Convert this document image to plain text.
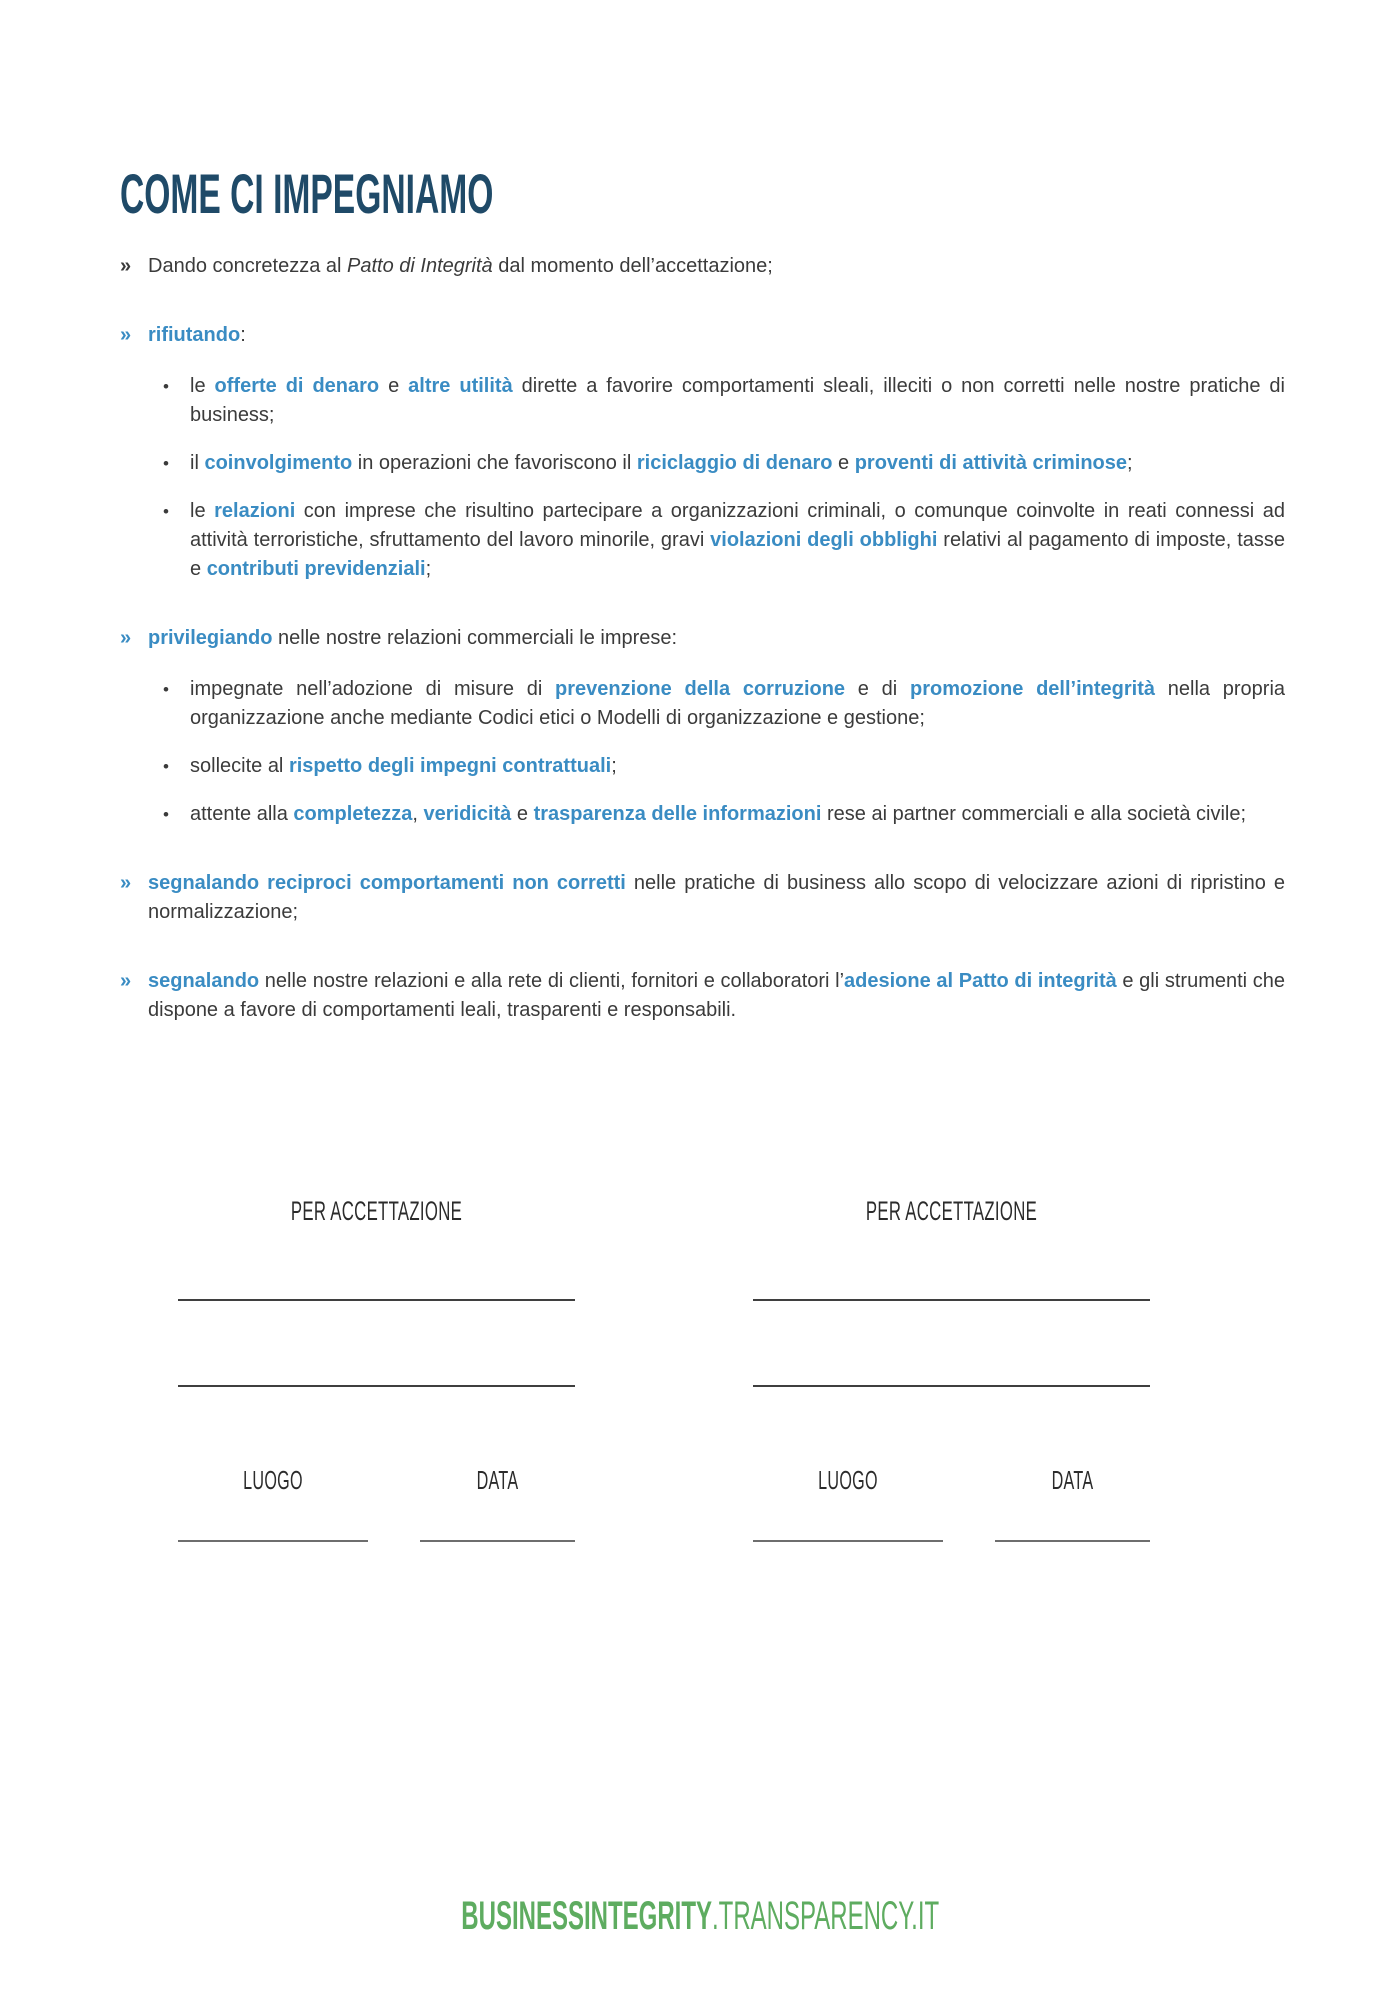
COME CI IMPEGNIAMO
» Dando concretezza al Patto di Integrità dal momento dell’accettazione;
» rifiutando:
•	le offerte di denaro e altre utilità dirette a favorire comportamenti sleali, illeciti o non corretti nelle nostre pratiche di business;
•	il coinvolgimento in operazioni che favoriscono il riciclaggio di denaro e proventi di attività criminose;
•	le relazioni con imprese che risultino partecipare a organizzazioni criminali, o comunque coinvolte in reati connessi ad attività terroristiche, sfruttamento del lavoro minorile, gravi violazioni degli obblighi relativi al pagamento di imposte, tasse e contributi previdenziali;
» privilegiando nelle nostre relazioni commerciali le imprese:
•	impegnate nell’adozione di misure di prevenzione della corruzione e di promozione dell’integrità nella propria organizzazione anche mediante Codici etici o Modelli di organizzazione e gestione;
•	sollecite al rispetto degli impegni contrattuali;
•	attente alla completezza, veridicità e trasparenza delle informazioni rese ai partner commerciali e alla società civile;
» segnalando reciproci comportamenti non corretti nelle pratiche di business allo scopo di velocizzare azioni di ripristino e normalizzazione;
» segnalando nelle nostre relazioni e alla rete di clienti, fornitori e collaboratori l’adesione al Patto di integrità e gli strumenti che dispone a favore di comportamenti leali, trasparenti e responsabili.
PER ACCETTAZIONE
LUOGO	DATA
PER ACCETTAZIONE
LUOGO	DATA
BUSINESSINTEGRITY.TRANSPARENCY.IT
